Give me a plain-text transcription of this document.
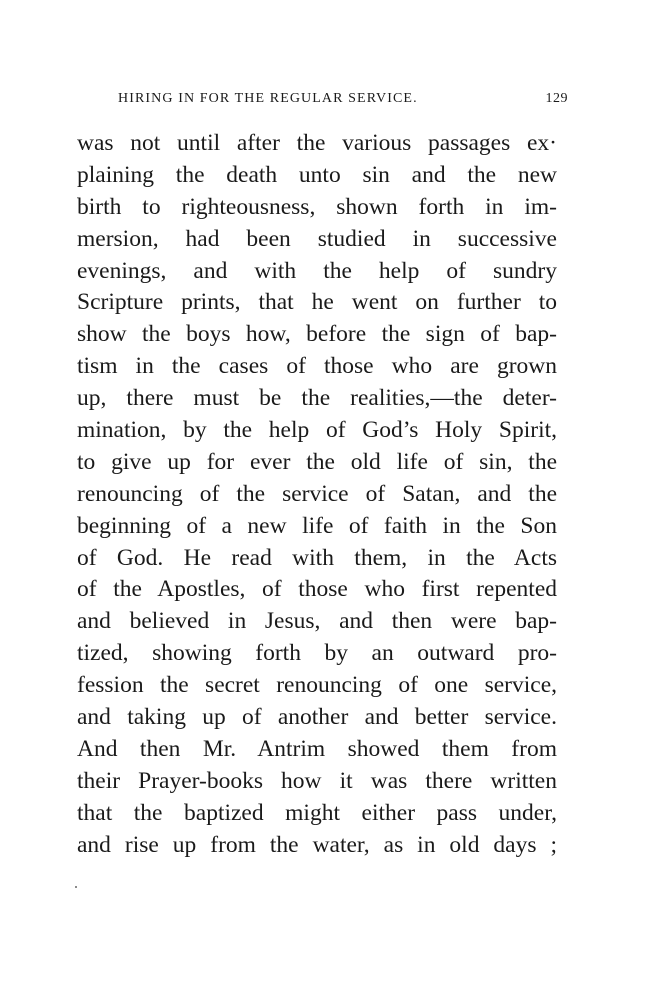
HIRING IN FOR THE REGULAR SERVICE.	129
was not until after the various passages ex·
plaining the death unto sin and the new
birth to righteousness, shown forth in im-
mersion, had been studied in successive
evenings, and with the help of sundry
Scripture prints, that he went on further to
show the boys how, before the sign of bap-
tism in the cases of those who are grown
up, there must be the realities,—the deter-
mination, by the help of God’s Holy Spirit,
to give up for ever the old life of sin, the
renouncing of the service of Satan, and the
beginning of a new life of faith in the Son
of God. He read with them, in the Acts
of the Apostles, of those who first repented
and believed in Jesus, and then were bap-
tized, showing forth by an outward pro-
fession the secret renouncing of one service,
and taking up of another and better service.
And then Mr. Antrim showed them from
their Prayer-books how it was there written
that the baptized might either pass under,
and rise up from the water, as in old days ;
